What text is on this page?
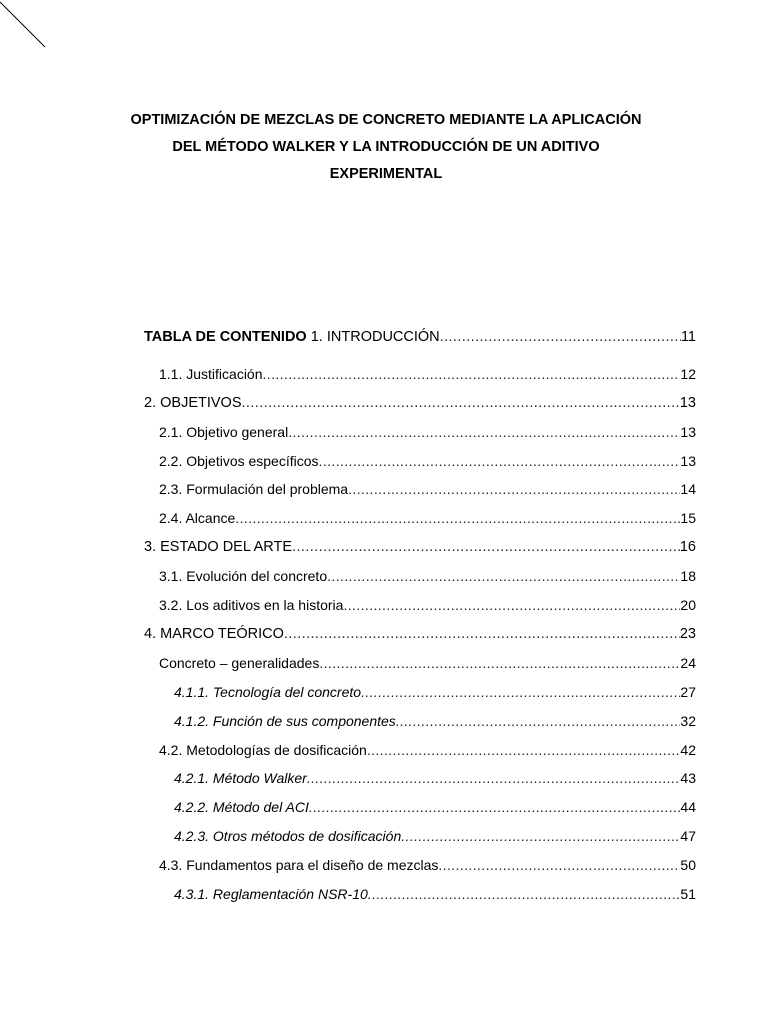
OPTIMIZACIÓN DE MEZCLAS DE CONCRETO MEDIANTE LA APLICACIÓN
DEL MÉTODO WALKER Y LA INTRODUCCIÓN DE UN ADITIVO
EXPERIMENTAL
TABLA DE CONTENIDO 1. INTRODUCCIÓN .....	11
1.1. Justificación .....	12
2. OBJETIVOS .....	13
2.1. Objetivo general .....	13
2.2. Objetivos específicos .....	13
2.3. Formulación del problema .....	14
2.4. Alcance .....	15
3. ESTADO DEL ARTE .....	16
3.1. Evolución del concreto .....	18
3.2. Los aditivos en la historia .....	20
4. MARCO TEÓRICO .....	23
Concreto – generalidades .....	24
4.1.1. Tecnología del concreto .....	27
4.1.2. Función de sus componentes .....	32
4.2. Metodologías de dosificación .....	42
4.2.1. Método Walker .....	43
4.2.2. Método del ACI .....	44
4.2.3. Otros métodos de dosificación .....	47
4.3. Fundamentos para el diseño de mezclas .....	50
4.3.1. Reglamentación NSR-10 .....	51
